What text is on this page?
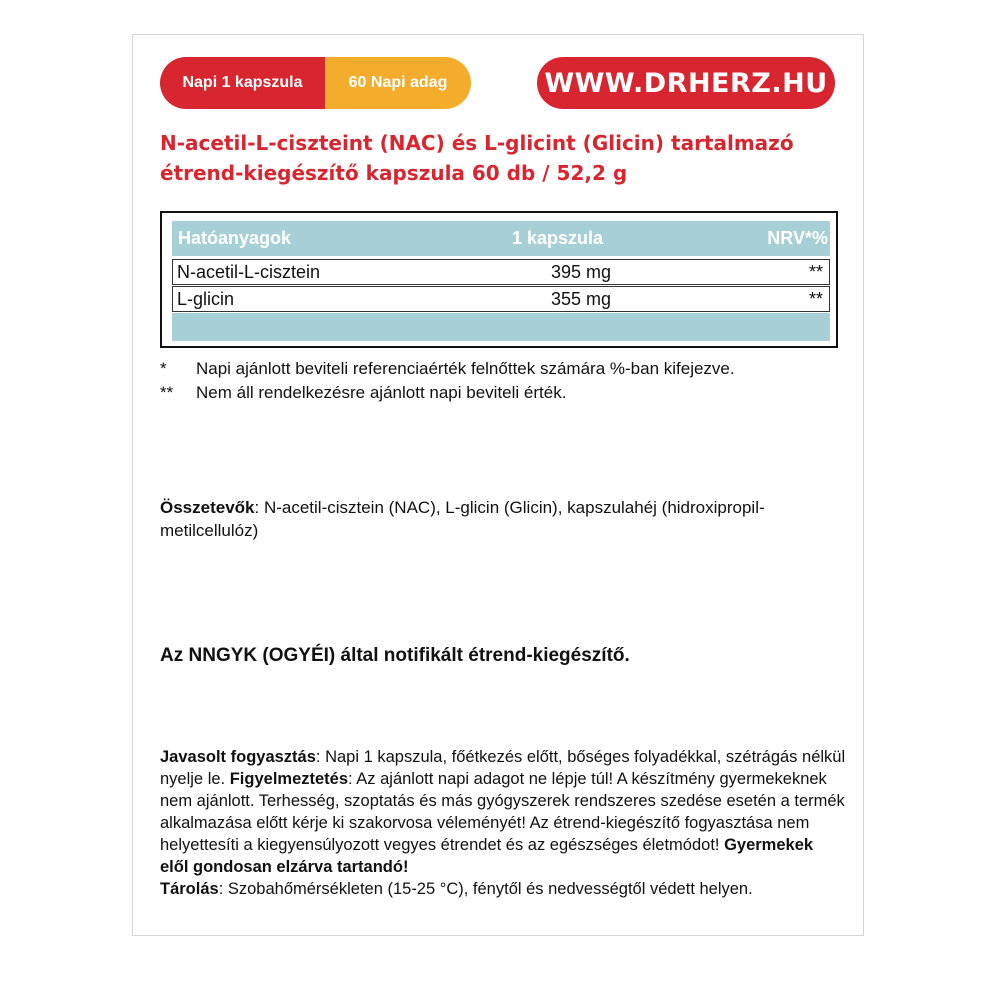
Napi 1 kapszula	60 Napi adag	WWW.DRHERZ.HU
N-acetil-L-ciszteint (NAC) és L-glicint (Glicin) tartalmazó
étrend-kiegészítő kapszula 60 db / 52,2 g
Hatóanyagok	1 kapszula	NRV*%
N-acetil-L-cisztein	395 mg	**
L-glicin	355 mg	**
* Napi ajánlott beviteli referenciaérték felnőttek számára %-ban kifejezve.
** Nem áll rendelkezésre ajánlott napi beviteli érték.
Összetevők: N-acetil-cisztein (NAC), L-glicin (Glicin), kapszulahéj (hidroxipropil-metilcellulóz)
Az NNGYK (OGYÉI) által notifikált étrend-kiegészítő.
Javasolt fogyasztás: Napi 1 kapszula, főétkezés előtt, bőséges folyadékkal, szétrágás nélkül nyelje le. Figyelmeztetés: Az ajánlott napi adagot ne lépje túl! A készítmény gyermekeknek nem ajánlott. Terhesség, szoptatás és más gyógyszerek rendszeres szedése esetén a termék alkalmazása előtt kérje ki szakorvosa véleményét! Az étrend-kiegészítő fogyasztása nem helyettesíti a kiegyensúlyozott vegyes étrendet és az egészséges életmódot! Gyermekek elől gondosan elzárva tartandó!
Tárolás: Szobahőmérsékleten (15-25 °C), fénytől és nedvességtől védett helyen.
